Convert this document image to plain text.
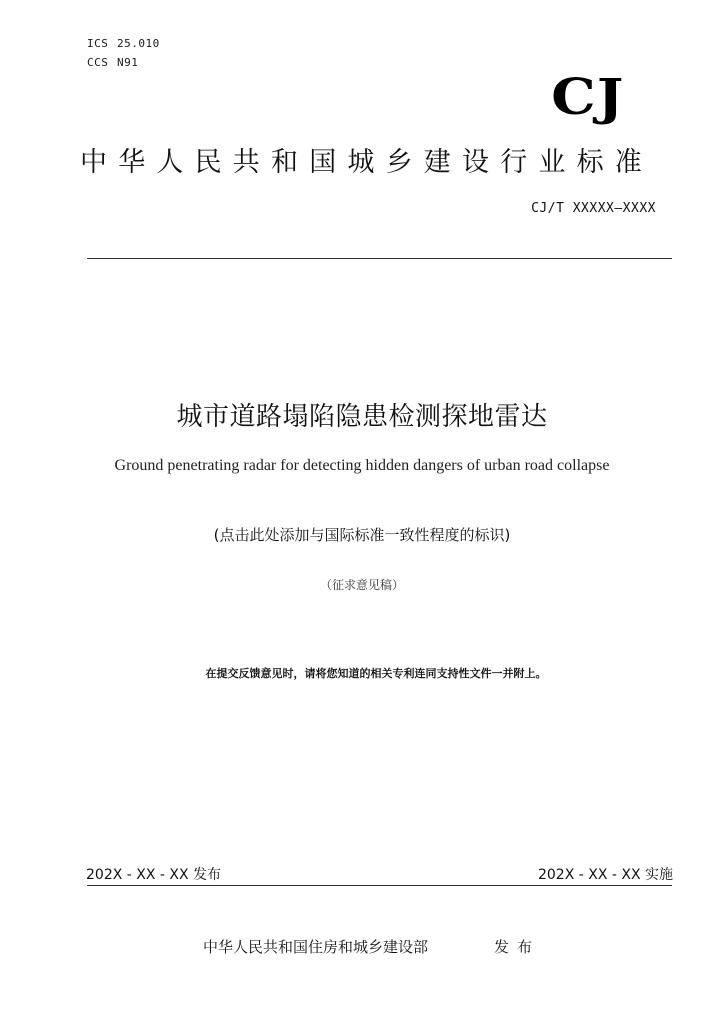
ICS 25.010
CCS N91
CJ
中华人民共和国城乡建设行业标准
CJ/T XXXXX—XXXX
城市道路塌陷隐患检测探地雷达
Ground penetrating radar for detecting hidden dangers of urban road collapse
(点击此处添加与国际标准一致性程度的标识)
（征求意见稿）
在提交反馈意见时，请将您知道的相关专利连同支持性文件一并附上。
202X - XX - XX 发布	202X - XX - XX 实施
中华人民共和国住房和城乡建设部	发布
